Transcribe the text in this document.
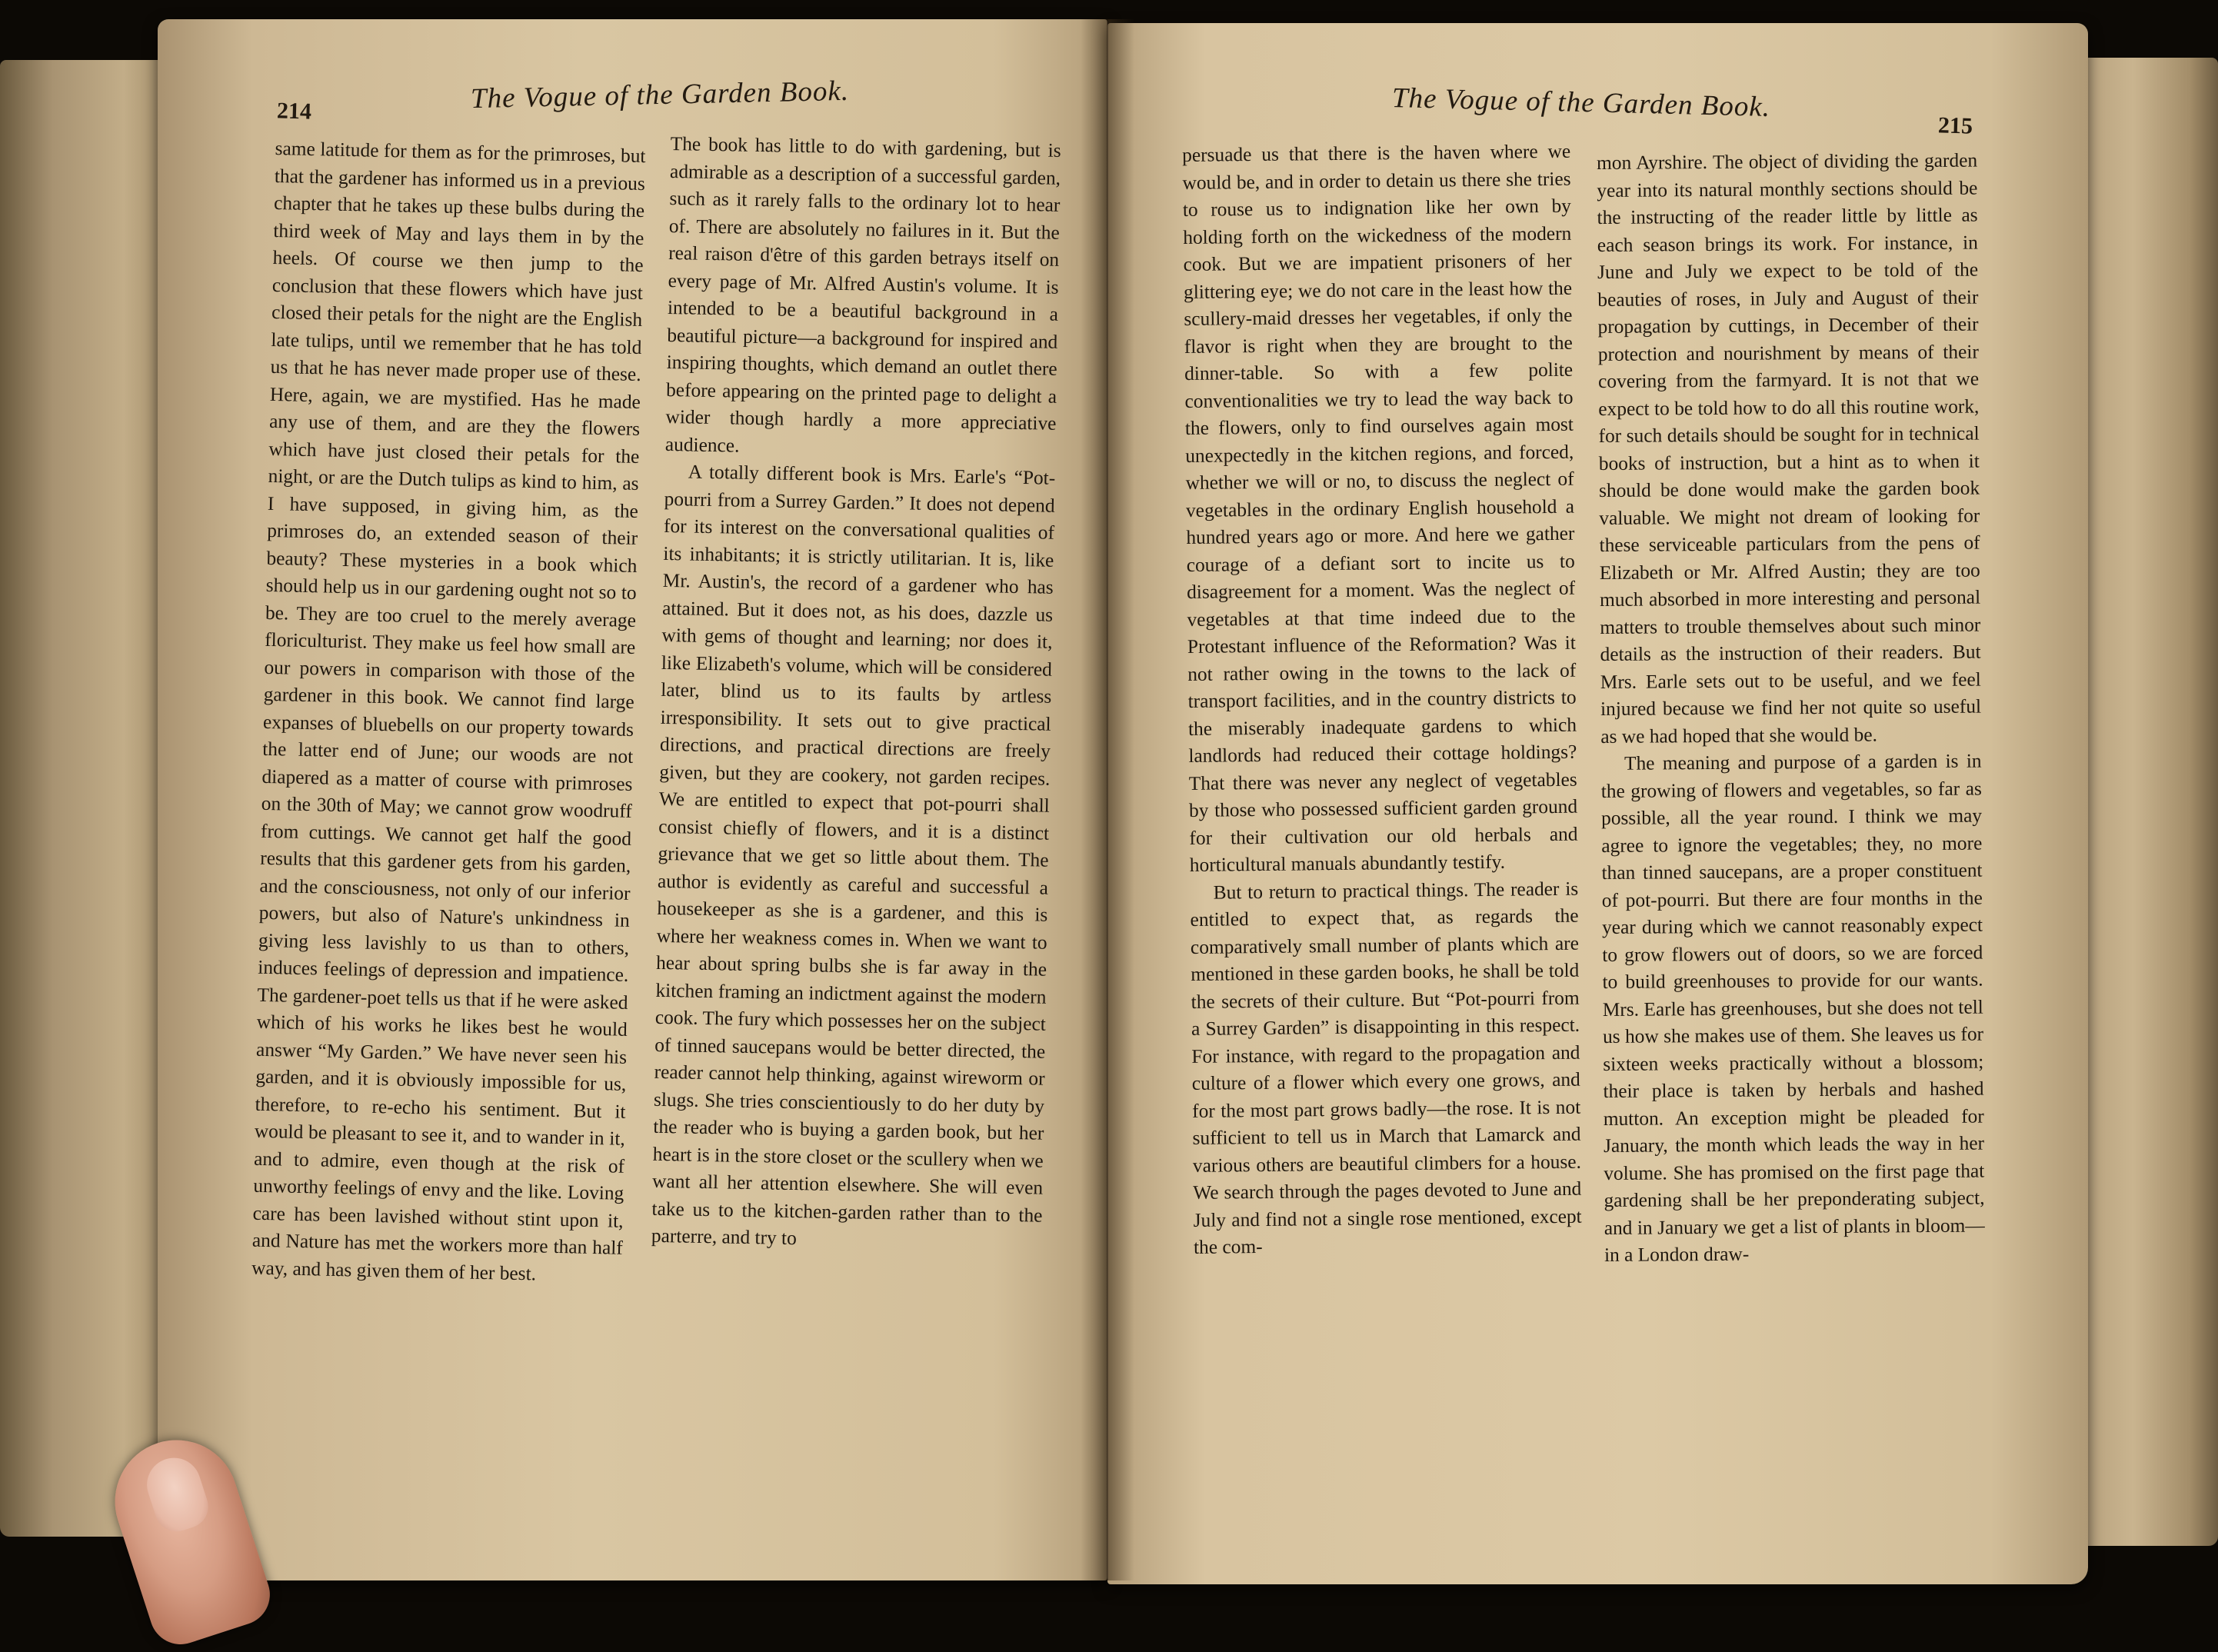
214	The Vogue of the Garden Book.	The Vogue of the Garden Book.
215

same latitude for them as for the primroses, but that the gardener has informed us in a previous chapter that he takes up these bulbs during the third week of May and lays them in by the heels. Of course we then jump to the conclusion that these flowers which have just closed their petals for the night are the English late tulips, until we remember that he has told us that he has never made proper use of these. Here, again, we are mystified. Has he made any use of them, and are they the flowers which have just closed their petals for the night, or are the Dutch tulips as kind to him, as I have supposed, in giving him, as the primroses do, an extended season of their beauty? These mysteries in a book which should help us in our gardening ought not so to be. They are too cruel to the merely average floriculturist. They make us feel how small are our powers in comparison with those of the gardener in this book. We cannot find large expanses of bluebells on our property towards the latter end of June; our woods are not diapered as a matter of course with primroses on the 30th of May; we cannot grow woodruff from cuttings. We cannot get half the good results that this gardener gets from his garden, and the consciousness, not only of our inferior powers, but also of Nature's unkindness in giving less lavishly to us than to others, induces feelings of depression and impatience. The gardener-poet tells us that if he were asked which of his works he likes best he would answer “My Garden.” We have never seen his garden, and it is obviously impossible for us, therefore, to re-echo his sentiment. But it would be pleasant to see it, and to wander in it, and to admire, even though at the risk of unworthy feelings of envy and the like. Loving care has been lavished without stint upon it, and Nature has met the workers more than half way, and has given them of her best.

The book has little to do with gardening, but is admirable as a description of a successful garden, such as it rarely falls to the ordinary lot to hear of. There are absolutely no failures in it. But the real raison d'être of this garden betrays itself on every page of Mr. Alfred Austin's volume. It is intended to be a beautiful background in a beautiful picture—a background for inspired and inspiring thoughts, which demand an outlet there before appearing on the printed page to delight a wider though hardly a more appreciative audience.

A totally different book is Mrs. Earle's “Pot-pourri from a Surrey Garden.” It does not depend for its interest on the conversational qualities of its inhabitants; it is strictly utilitarian. It is, like Mr. Austin's, the record of a gardener who has attained. But it does not, as his does, dazzle us with gems of thought and learning; nor does it, like Elizabeth's volume, which will be considered later, blind us to its faults by artless irresponsibility. It sets out to give practical directions, and practical directions are freely given, but they are cookery, not garden recipes. We are entitled to expect that pot-pourri shall consist chiefly of flowers, and it is a distinct grievance that we get so little about them. The author is evidently as careful and successful a housekeeper as she is a gardener, and this is where her weakness comes in. When we want to hear about spring bulbs she is far away in the kitchen framing an indictment against the modern cook. The fury which possesses her on the subject of tinned saucepans would be better directed, the reader cannot help thinking, against wireworm or slugs. She tries conscientiously to do her duty by the reader who is buying a garden book, but her heart is in the store closet or the scullery when we want all her attention elsewhere. She will even take us to the kitchen-garden rather than to the parterre, and try to

persuade us that there is the haven where we would be, and in order to detain us there she tries to rouse us to indignation like her own by holding forth on the wickedness of the modern cook. But we are impatient prisoners of her glittering eye; we do not care in the least how the scullery-maid dresses her vegetables, if only the flavor is right when they are brought to the dinner-table. So with a few polite conventionalities we try to lead the way back to the flowers, only to find ourselves again most unexpectedly in the kitchen regions, and forced, whether we will or no, to discuss the neglect of vegetables in the ordinary English household a hundred years ago or more. And here we gather courage of a defiant sort to incite us to disagreement for a moment. Was the neglect of vegetables at that time indeed due to the Protestant influence of the Reformation? Was it not rather owing in the towns to the lack of transport facilities, and in the country districts to the miserably inadequate gardens to which landlords had reduced their cottage holdings? That there was never any neglect of vegetables by those who possessed sufficient garden ground for their cultivation our old herbals and horticultural manuals abundantly testify.

But to return to practical things. The reader is entitled to expect that, as regards the comparatively small number of plants which are mentioned in these garden books, he shall be told the secrets of their culture. But “Pot-pourri from a Surrey Garden” is disappointing in this respect. For instance, with regard to the propagation and culture of a flower which every one grows, and for the most part grows badly—the rose. It is not sufficient to tell us in March that Lamarck and various others are beautiful climbers for a house. We search through the pages devoted to June and July and find not a single rose mentioned, except the com-

mon Ayrshire. The object of dividing the garden year into its natural monthly sections should be the instructing of the reader little by little as each season brings its work. For instance, in June and July we expect to be told of the beauties of roses, in July and August of their propagation by cuttings, in December of their protection and nourishment by means of their covering from the farmyard. It is not that we expect to be told how to do all this routine work, for such details should be sought for in technical books of instruction, but a hint as to when it should be done would make the garden book valuable. We might not dream of looking for these serviceable particulars from the pens of Elizabeth or Mr. Alfred Austin; they are too much absorbed in more interesting and personal matters to trouble themselves about such minor details as the instruction of their readers. But Mrs. Earle sets out to be useful, and we feel injured because we find her not quite so useful as we had hoped that she would be.

The meaning and purpose of a garden is in the growing of flowers and vegetables, so far as possible, all the year round. I think we may agree to ignore the vegetables; they, no more than tinned saucepans, are a proper constituent of pot-pourri. But there are four months in the year during which we cannot reasonably expect to grow flowers out of doors, so we are forced to build greenhouses to provide for our wants. Mrs. Earle has greenhouses, but she does not tell us how she makes use of them. She leaves us for sixteen weeks practically without a blossom; their place is taken by herbals and hashed mutton. An exception might be pleaded for January, the month which leads the way in her volume. She has promised on the first page that gardening shall be her preponderating subject, and in January we get a list of plants in bloom—in a London draw-
